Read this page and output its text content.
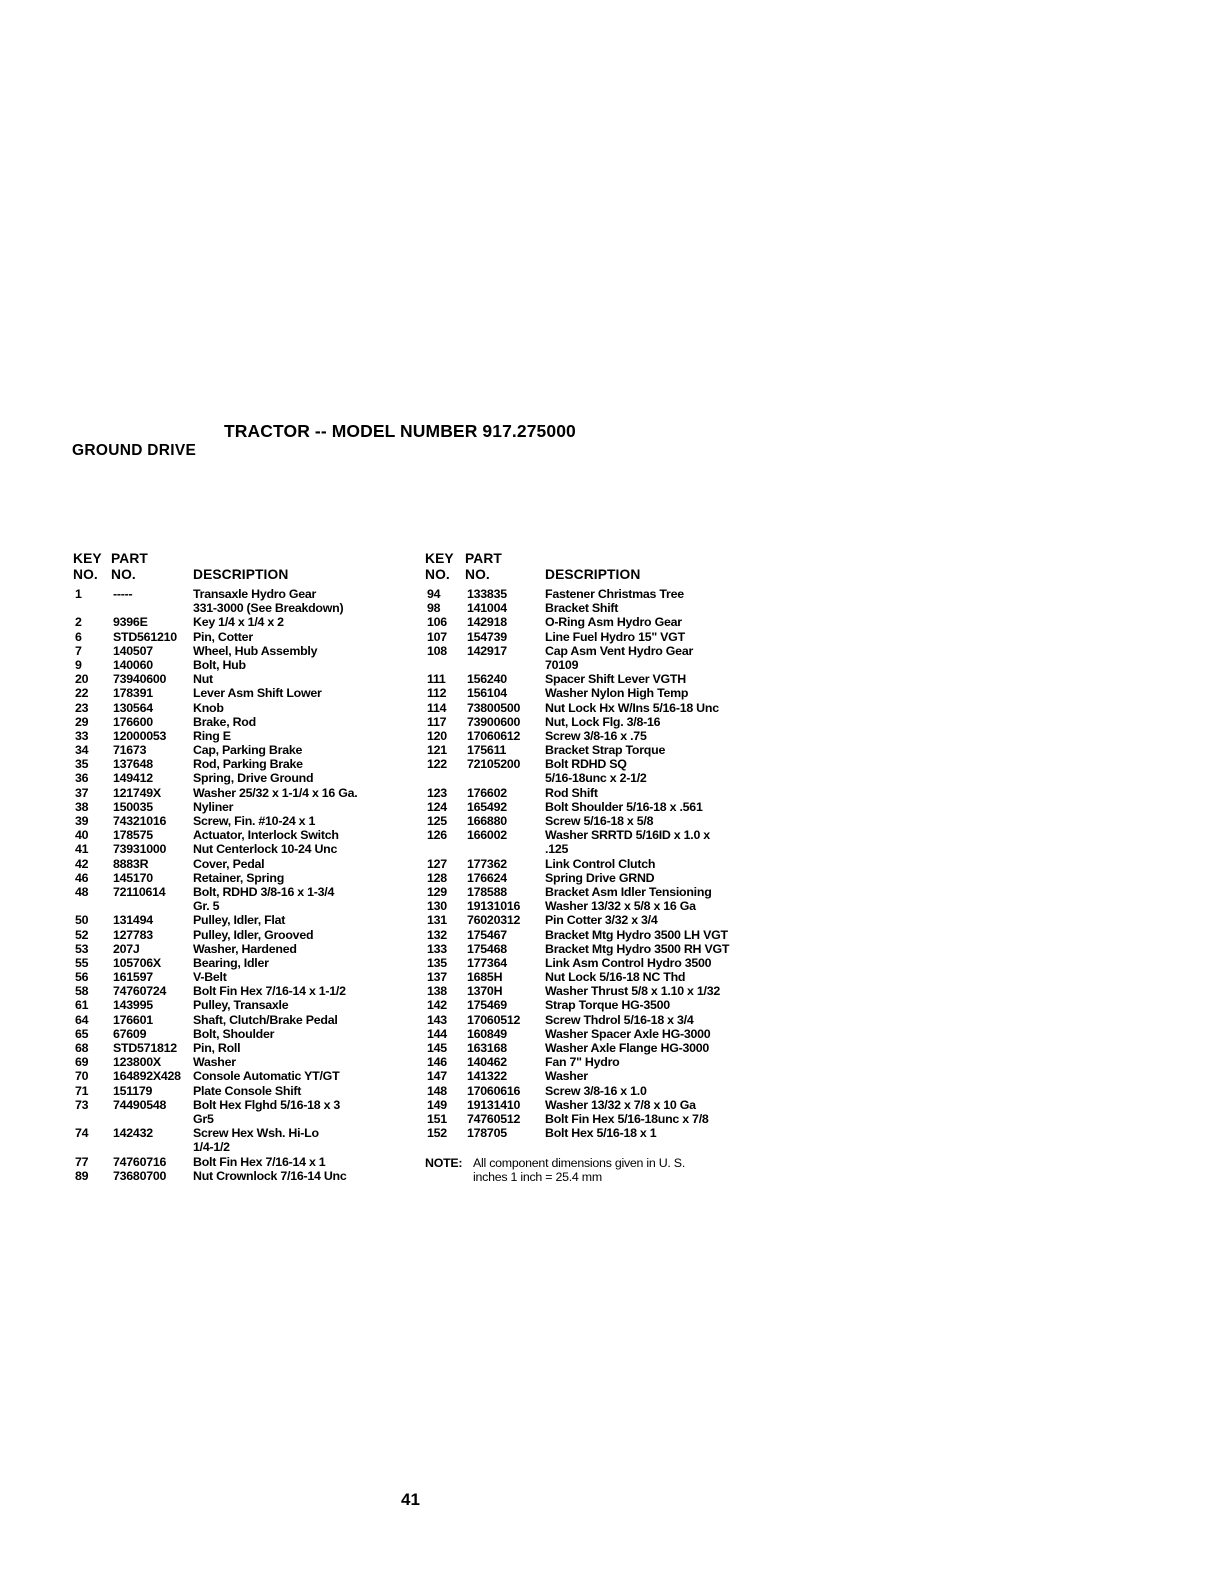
TRACTOR -- MODEL NUMBER 917.275000
GROUND DRIVE
KEY
NO.
PART
NO.	DESCRIPTION
1	-----	Transaxle Hydro Gear
331-3000 (See Breakdown)
2	9396E	Key 1/4 x 1/4 x 2
6	STD561210 Pin, Cotter
7	140507	Wheel, Hub Assembly
9	140060	Bolt, Hub
20 73940600 Nut
22 178391	Lever Asm Shift Lower
23 130564	Knob
29 176600	Brake, Rod
33 12000053 Ring E
34 71673	Cap, Parking Brake
35 137648	Rod, Parking Brake
36 149412	Spring, Drive Ground
37 121749X	Washer 25/32 x 1-1/4 x 16 Ga.
38 150035	Nyliner
39 74321016 Screw, Fin. #10-24 x 1
40 178575	Actuator, Interlock Switch
41 73931000 Nut Centerlock 10-24 Unc
42 8883R	Cover, Pedal
46 145170	Retainer, Spring
48 72110614 Bolt, RDHD 3/8-16 x 1-3/4
Gr. 5
50 131494	Pulley, Idler, Flat
52 127783	Pulley, Idler, Grooved
53 207J	Washer, Hardened
55 105706X	Bearing, Idler
56 161597	V-Belt
58 74760724 Bolt Fin Hex 7/16-14 x 1-1/2
61 143995	Pulley, Transaxle
64 176601	Shaft, Clutch/Brake Pedal
65 67609	Bolt, Shoulder
68 STD571812 Pin, Roll
69 123800X	Washer
70 164892X428 Console Automatic YT/GT
71 151179	Plate Console Shift
73 74490548 Bolt Hex Flghd 5/16-18 x 3
Gr5
74 142432	Screw Hex Wsh. Hi-Lo
1/4-1/2
77 74760716 Bolt Fin Hex 7/16-14 x 1
89 73680700 Nut Crownlock 7/16-14 Unc
KEY
NO.
PART
NO.	DESCRIPTION
94 133835	Fastener Christmas Tree
98 141004	Bracket Shift
106 142918	O-Ring Asm Hydro Gear
107 154739	Line Fuel Hydro 15" VGT
108 142917	Cap Asm Vent Hydro Gear
70109
111 156240	Spacer Shift Lever VGTH
112 156104	Washer Nylon High Temp
114 73800500 Nut Lock Hx W/Ins 5/16-18 Unc
117 73900600 Nut, Lock Flg. 3/8-16
120 17060612 Screw 3/8-16 x .75
121 175611	Bracket Strap Torque
122 72105200 Bolt RDHD SQ
5/16-18unc x 2-1/2
123 176602	Rod Shift
124 165492	Bolt Shoulder 5/16-18 x .561
125 166880	Screw 5/16-18 x 5/8
126 166002	Washer SRRTD 5/16ID x 1.0 x
.125
127 177362	Link Control Clutch
128 176624	Spring Drive GRND
129 178588	Bracket Asm Idler Tensioning
130 19131016 Washer 13/32 x 5/8 x 16 Ga
131 76020312 Pin Cotter 3/32 x 3/4
132 175467	Bracket Mtg Hydro 3500 LH VGT
133 175468	Bracket Mtg Hydro 3500 RH VGT
135 177364	Link Asm Control Hydro 3500
137 1685H	Nut Lock 5/16-18 NC Thd
138 1370H	Washer Thrust 5/8 x 1.10 x 1/32
142 175469	Strap Torque HG-3500
143 17060512 Screw Thdrol 5/16-18 x 3/4
144 160849	Washer Spacer Axle HG-3000
145 163168	Washer Axle Flange HG-3000
146 140462	Fan 7" Hydro
147 141322	Washer
148 17060616 Screw 3/8-16 x 1.0
149 19131410 Washer 13/32 x 7/8 x 10 Ga
151 74760512 Bolt Fin Hex 5/16-18unc x 7/8
152 178705	Bolt Hex 5/16-18 x 1
NOTE: All component dimensions given in U. S.
inches 1 inch = 25.4 mm
41
